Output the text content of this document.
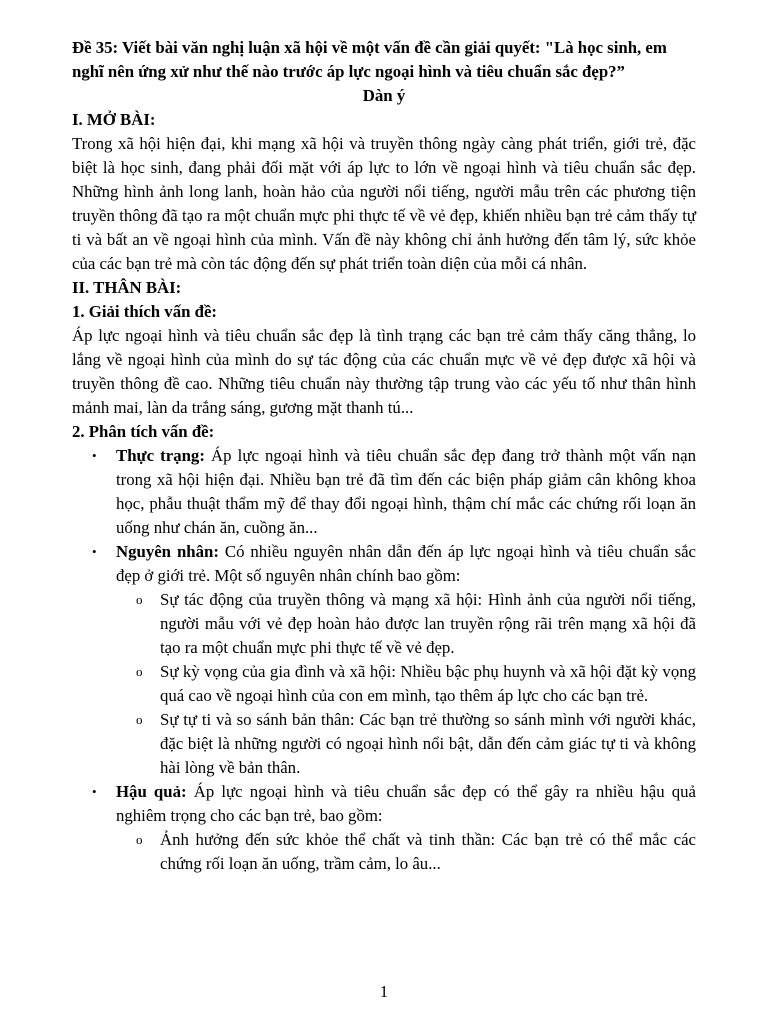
Đề 35: Viết bài văn nghị luận xã hội về một vấn đề cần giải quyết: "Là học sinh, em nghĩ nên ứng xử như thế nào trước áp lực ngoại hình và tiêu chuẩn sắc đẹp?”

Dàn ý

I. MỞ BÀI:

Trong xã hội hiện đại, khi mạng xã hội và truyền thông ngày càng phát triển, giới trẻ, đặc biệt là học sinh, đang phải đối mặt với áp lực to lớn về ngoại hình và tiêu chuẩn sắc đẹp. Những hình ảnh long lanh, hoàn hảo của người nổi tiếng, người mẫu trên các phương tiện truyền thông đã tạo ra một chuẩn mực phi thực tế về vẻ đẹp, khiến nhiều bạn trẻ cảm thấy tự ti và bất an về ngoại hình của mình. Vấn đề này không chỉ ảnh hưởng đến tâm lý, sức khỏe của các bạn trẻ mà còn tác động đến sự phát triển toàn diện của mỗi cá nhân.

II. THÂN BÀI:

1. Giải thích vấn đề:

Áp lực ngoại hình và tiêu chuẩn sắc đẹp là tình trạng các bạn trẻ cảm thấy căng thẳng, lo lắng về ngoại hình của mình do sự tác động của các chuẩn mực về vẻ đẹp được xã hội và truyền thông đề cao. Những tiêu chuẩn này thường tập trung vào các yếu tố như thân hình mảnh mai, làn da trắng sáng, gương mặt thanh tú...

2. Phân tích vấn đề:

• Thực trạng: Áp lực ngoại hình và tiêu chuẩn sắc đẹp đang trở thành một vấn nạn trong xã hội hiện đại. Nhiều bạn trẻ đã tìm đến các biện pháp giảm cân không khoa học, phẫu thuật thẩm mỹ để thay đổi ngoại hình, thậm chí mắc các chứng rối loạn ăn uống như chán ăn, cuồng ăn...
• Nguyên nhân: Có nhiều nguyên nhân dẫn đến áp lực ngoại hình và tiêu chuẩn sắc đẹp ở giới trẻ. Một số nguyên nhân chính bao gồm:
o Sự tác động của truyền thông và mạng xã hội: Hình ảnh của người nổi tiếng, người mẫu với vẻ đẹp hoàn hảo được lan truyền rộng rãi trên mạng xã hội đã tạo ra một chuẩn mực phi thực tế về vẻ đẹp.
o Sự kỳ vọng của gia đình và xã hội: Nhiều bậc phụ huynh và xã hội đặt kỳ vọng quá cao về ngoại hình của con em mình, tạo thêm áp lực cho các bạn trẻ.
o Sự tự ti và so sánh bản thân: Các bạn trẻ thường so sánh mình với người khác, đặc biệt là những người có ngoại hình nổi bật, dẫn đến cảm giác tự ti và không hài lòng về bản thân.
• Hậu quả: Áp lực ngoại hình và tiêu chuẩn sắc đẹp có thể gây ra nhiều hậu quả nghiêm trọng cho các bạn trẻ, bao gồm:
o Ảnh hưởng đến sức khỏe thể chất và tinh thần: Các bạn trẻ có thể mắc các chứng rối loạn ăn uống, trầm cảm, lo âu...
1
